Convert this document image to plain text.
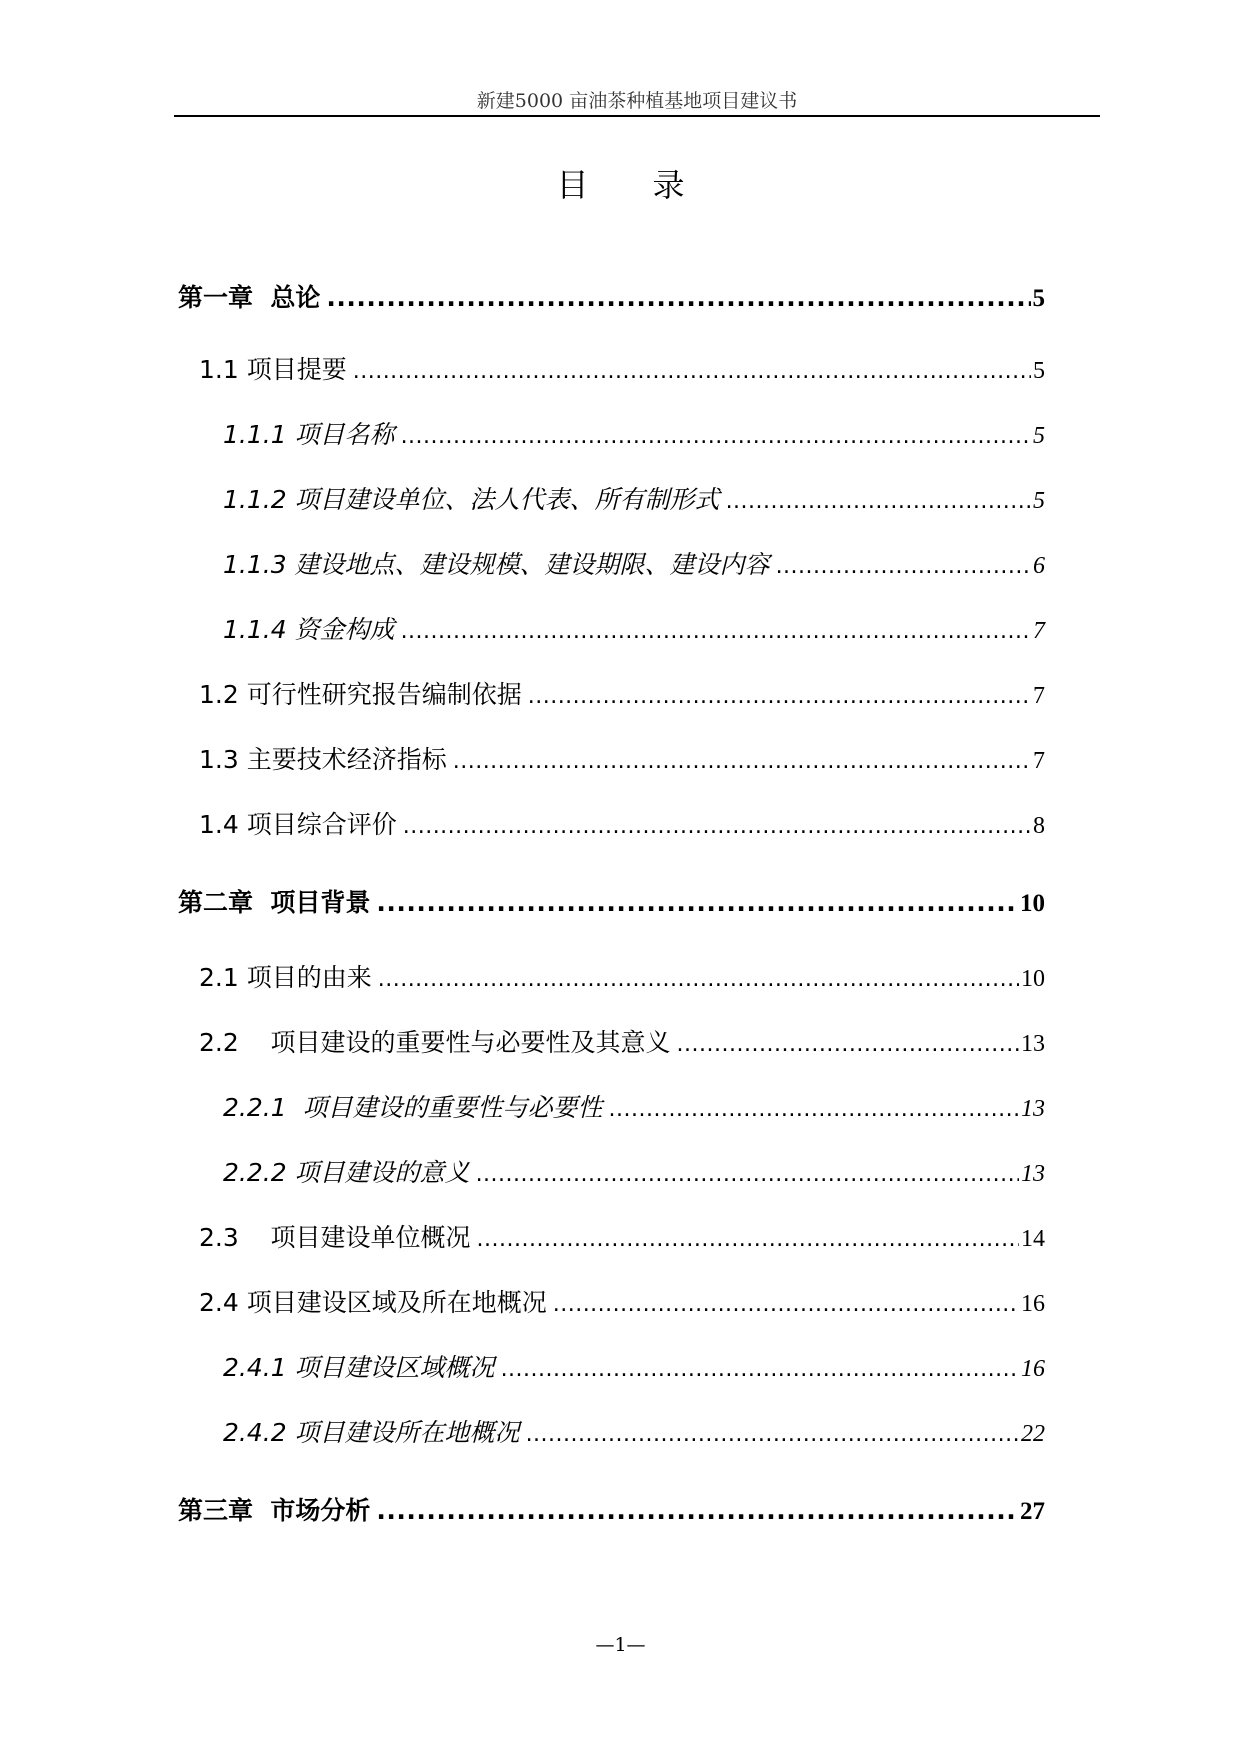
新建5000 亩油茶种植基地项目建议书
目录
第一章  总论 .....	5
1.1 项目提要 .....	5
1.1.1 项目名称 .....	5
1.1.2 项目建设单位、法人代表、所有制形式 .....	5
1.1.3 建设地点、建设规模、建设期限、建设内容 .....	6
1.1.4 资金构成 .....	7
1.2 可行性研究报告编制依据 .....	7
1.3 主要技术经济指标 .....	7
1.4 项目综合评价 .....	8
第二章  项目背景 .....	10
2.1 项目的由来 .....	10
2.2    项目建设的重要性与必要性及其意义 .....	13
2.2.1  项目建设的重要性与必要性 .....	13
2.2.2 项目建设的意义 .....	13
2.3    项目建设单位概况 .....	14
2.4 项目建设区域及所在地概况 .....	16
2.4.1 项目建设区域概况 .....	16
2.4.2 项目建设所在地概况 .....	22
第三章  市场分析 .....	27
—1—
